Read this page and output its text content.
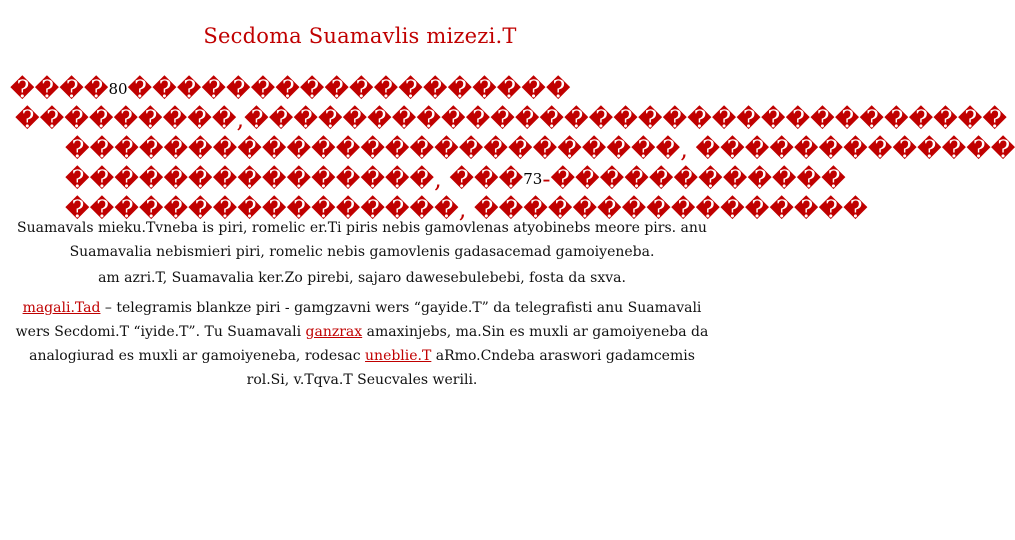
Secdoma Suamavlis mizezi.T
����80������������������
���������,�������������������������������
�������������������������, �������������
���������������, ���73-������������
����������������, ����������������
Suamavals mieku.Tvneba is piri, romelic er.Ti piris nebis gamovlenas atyobinebs meore pirs. anu Suamavalia nebismieri piri, romelic nebis gamovlenis gadasacemad gamoiyeneba.
am azri.T, Suamavalia ker.Zo pirebi, sajaro dawesebulebebi, fosta da sxva.
magali.Tad – telegramis blankze piri - gamgzavni wers “gayide.T” da telegrafisti anu Suamavali wers Secdomi.T “iyide.T”. Tu Suamavali ganzrax amaxinjebs, ma.Sin es muxli ar gamoiyeneba da analogiurad es muxli ar gamoiyeneba, rodesac uneblie.T aRmo.Cndeba araswori gadamcemis rol.Si, v.Tqva.T Seucvales werili.
